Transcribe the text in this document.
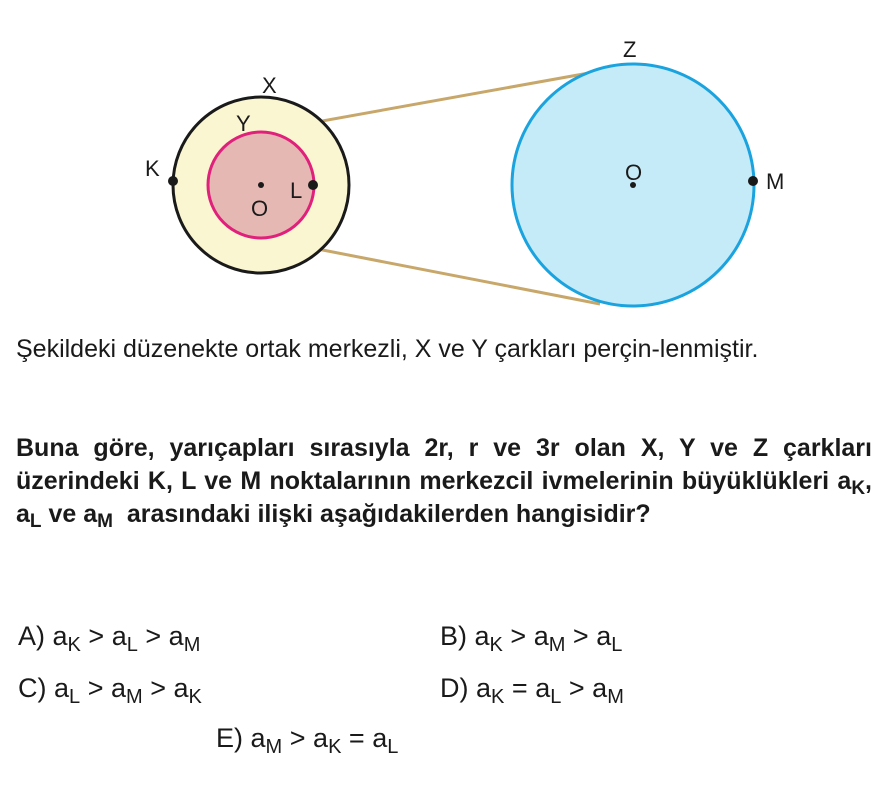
X
Y
Z
K
L	M
O
O

Şekildeki düzenekte ortak merkezli, X ve Y çarkları perçin-lenmiştir.

Buna göre, yarıçapları sırasıyla 2r, r ve 3r olan X, Y ve Z çarkları üzerindeki K, L ve M noktalarının merkezcil ivmelerinin büyüklükleri $a_K$, $a_L$ ve $a_M$  arasındaki ilişki aşağıdakilerden hangisidir?

A) $a_K > a_L > a_M$	B) $a_K > a_M > a_L$
C) $a_L > a_M > a_K$	D) $a_K = a_L > a_M$
E) $a_M > a_K = a_L$
